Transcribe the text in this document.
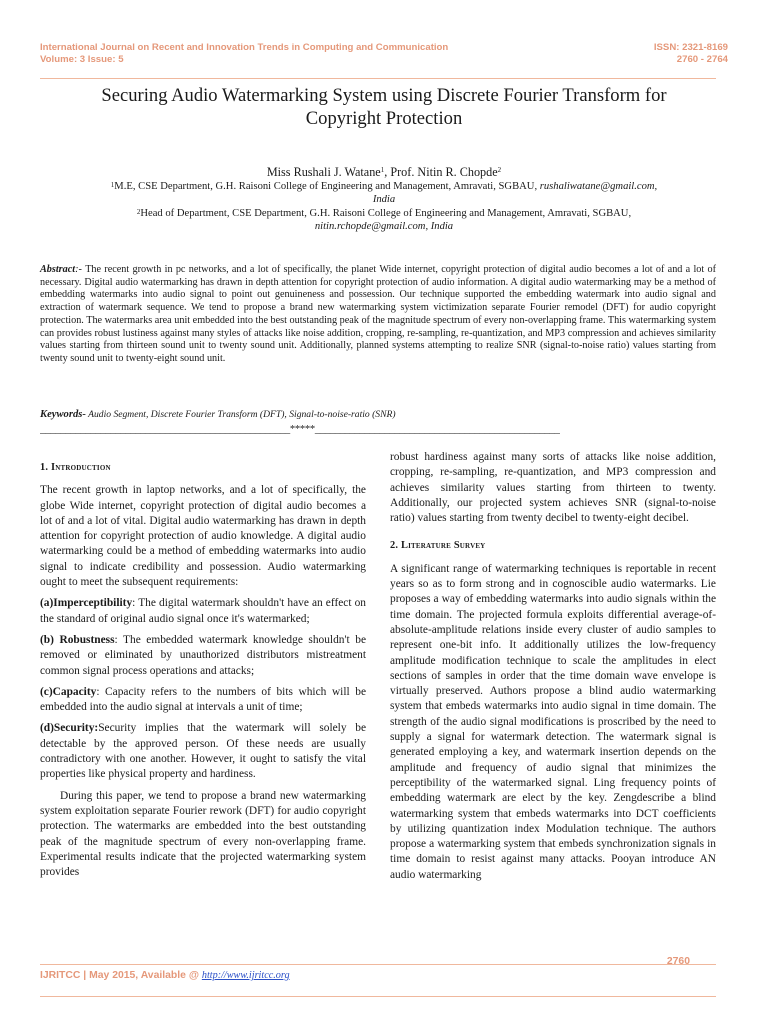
International Journal on Recent and Innovation Trends in Computing and Communication
Volume: 3 Issue: 5
ISSN: 2321-8169
2760 - 2764
Securing Audio Watermarking System using Discrete Fourier Transform for
Copyright Protection
Miss Rushali J. Watane$^1$, Prof. Nitin R. Chopde$^2$
$^1$M.E, CSE Department, G.H. Raisoni College of Engineering and Management, Amravati, SGBAU, rushaliwatane@gmail.com,
India
$^2$Head of Department, CSE Department, G.H. Raisoni College of Engineering and Management, Amravati, SGBAU,
nitin.rchopde@gmail.com, India
Abstract:- The recent growth in pc networks, and a lot of specifically, the planet Wide internet, copyright protection of digital audio becomes a lot of and a lot of necessary. Digital audio watermarking has drawn in depth attention for copyright protection of audio information. A digital audio watermarking may be a method of embedding watermarks into audio signal to point out genuineness and possession. Our technique supported the embedding watermark into audio signal and extraction of watermark sequence. We tend to propose a brand new watermarking system victimization separate Fourier remodel (DFT) for audio copyright protection. The watermarks area unit embedded into the best outstanding peak of the magnitude spectrum of every non-overlapping frame. This watermarking system can provides robust lustiness against many styles of attacks like noise addition, cropping, re-sampling, re-quantization, and MP3 compression and achieves similarity values starting from thirteen sound unit to twenty sound unit. Additionally, planned systems attempting to realize SNR (signal-to-noise ratio) values starting from twenty sound unit to twenty-eight sound unit.
Keywords- Audio Segment, Discrete Fourier Transform (DFT), Signal-to-noise-ratio (SNR)
__________________________________________________*****_________________________________________________
1. Introduction

The recent growth in laptop networks, and a lot of specifically, the globe Wide internet, copyright protection of digital audio becomes a lot of and a lot of vital. Digital audio watermarking has drawn in depth attention for copyright protection of audio knowledge. A digital audio watermarking could be a method of embedding watermarks into audio signal to indicate credibility and possession. Audio watermarking ought to meet the subsequent requirements:

(a)Imperceptibility: The digital watermark shouldn't have an effect on the standard of original audio signal once it's watermarked;

(b) Robustness: The embedded watermark knowledge shouldn't be removed or eliminated by unauthorized distributors mistreatment common signal process operations and attacks;

(c)Capacity: Capacity refers to the numbers of bits which will be embedded into the audio signal at intervals a unit of time;

(d)Security:Security implies that the watermark will solely be detectable by the approved person. Of these needs are usually contradictory with one another. However, it ought to satisfy the vital properties like physical property and hardiness.

During this paper, we tend to propose a brand new watermarking system exploitation separate Fourier rework (DFT) for audio copyright protection. The watermarks are embedded into the best outstanding peak of the magnitude spectrum of every non-overlapping frame. Experimental results indicate that the projected watermarking system provides

robust hardiness against many sorts of attacks like noise addition, cropping, re-sampling, re-quantization, and MP3 compression and achieves similarity values starting from thirteen to twenty. Additionally, our projected system achieves SNR (signal-to-noise ratio) values starting from twenty decibel to twenty-eight decibel.

2. Literature Survey

A significant range of watermarking techniques is reportable in recent years so as to form strong and in cognoscible audio watermarks. Lie proposes a way of embedding watermarks into audio signals within the time domain. The projected formula exploits differential average-of-absolute-amplitude relations inside every cluster of audio samples to represent one-bit info. It additionally utilizes the low-frequency amplitude modification technique to scale the amplitudes in elect sections of samples in order that the time domain wave envelope is virtually preserved. Authors propose a blind audio watermarking system that embeds watermarks into audio signal in time domain. The strength of the audio signal modifications is proscribed by the need to supply a signal for watermark detection. The watermark signal is generated employing a key, and watermark insertion depends on the amplitude and frequency of audio signal that minimizes the perceptibility of the watermarked signal. Ling frequency points of embedding watermark are elect by the key. Zengdescribe a blind watermarking system that embeds watermarks into DCT coefficients by utilizing quantization index Modulation technique. The authors propose a watermarking system that embeds synchronization signals in time domain to resist against many attacks. Pooyan introduce AN audio watermarking

2760
IJRITCC | May 2015, Available @ http://www.ijritcc.org
